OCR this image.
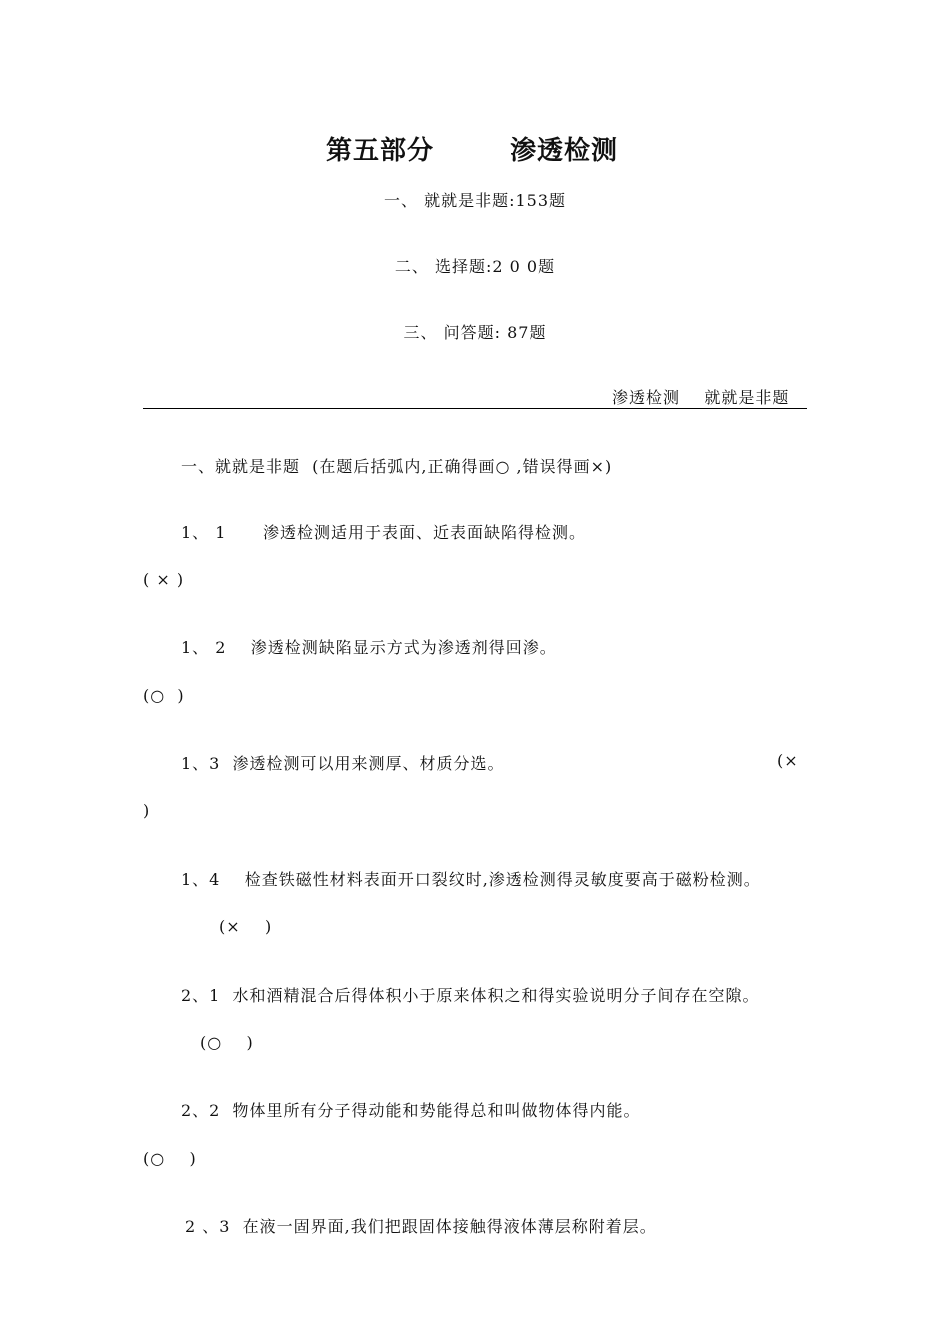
第五部分	渗透检测
一、 就就是非题:153题
二、 选择题:2 0 0题
三、 问答题: 87题
渗透检测    就就是非题
一、就就是非题  (在题后括弧内,正确得画○ ,错误得画×)
1、 1      渗透检测适用于表面、近表面缺陷得检测。
( × )
1、 2    渗透检测缺陷显示方式为渗透剂得回渗。
(○  )
1、3  渗透检测可以用来测厚、材质分选。	(×
)
1、4    检查铁磁性材料表面开口裂纹时,渗透检测得灵敏度要高于磁粉检测。
(×    )
2、1  水和酒精混合后得体积小于原来体积之和得实验说明分子间存在空隙。
(○    )
2、2  物体里所有分子得动能和势能得总和叫做物体得内能。
(○    )
2 、3  在液一固界面,我们把跟固体接触得液体薄层称附着层。
